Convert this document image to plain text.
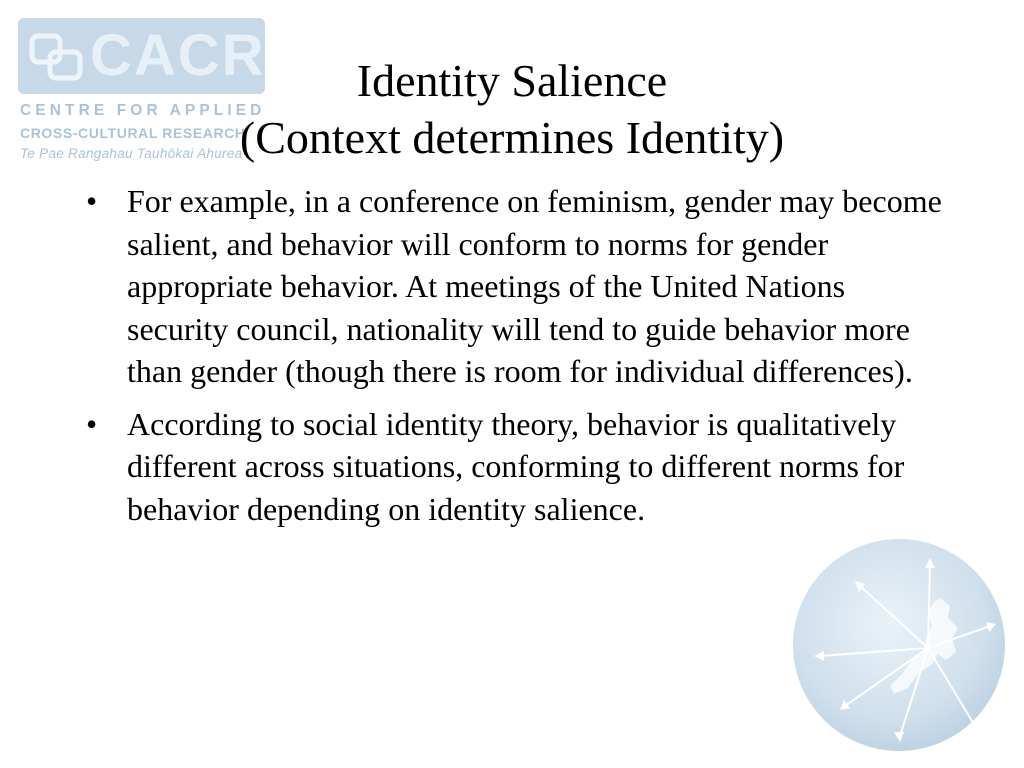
CACR
CENTRE FOR APPLIED
CROSS-CULTURAL RESEARCH
Te Pae Rangahau Tauhōkai Ahurea
Identity Salience
(Context determines Identity)
• For example, in a conference on feminism, gender may become salient, and behavior will conform to norms for gender appropriate behavior. At meetings of the United Nations security council, nationality will tend to guide behavior more than gender (though there is room for individual differences).
• According to social identity theory, behavior is qualitatively different across situations, conforming to different norms for behavior depending on identity salience.
